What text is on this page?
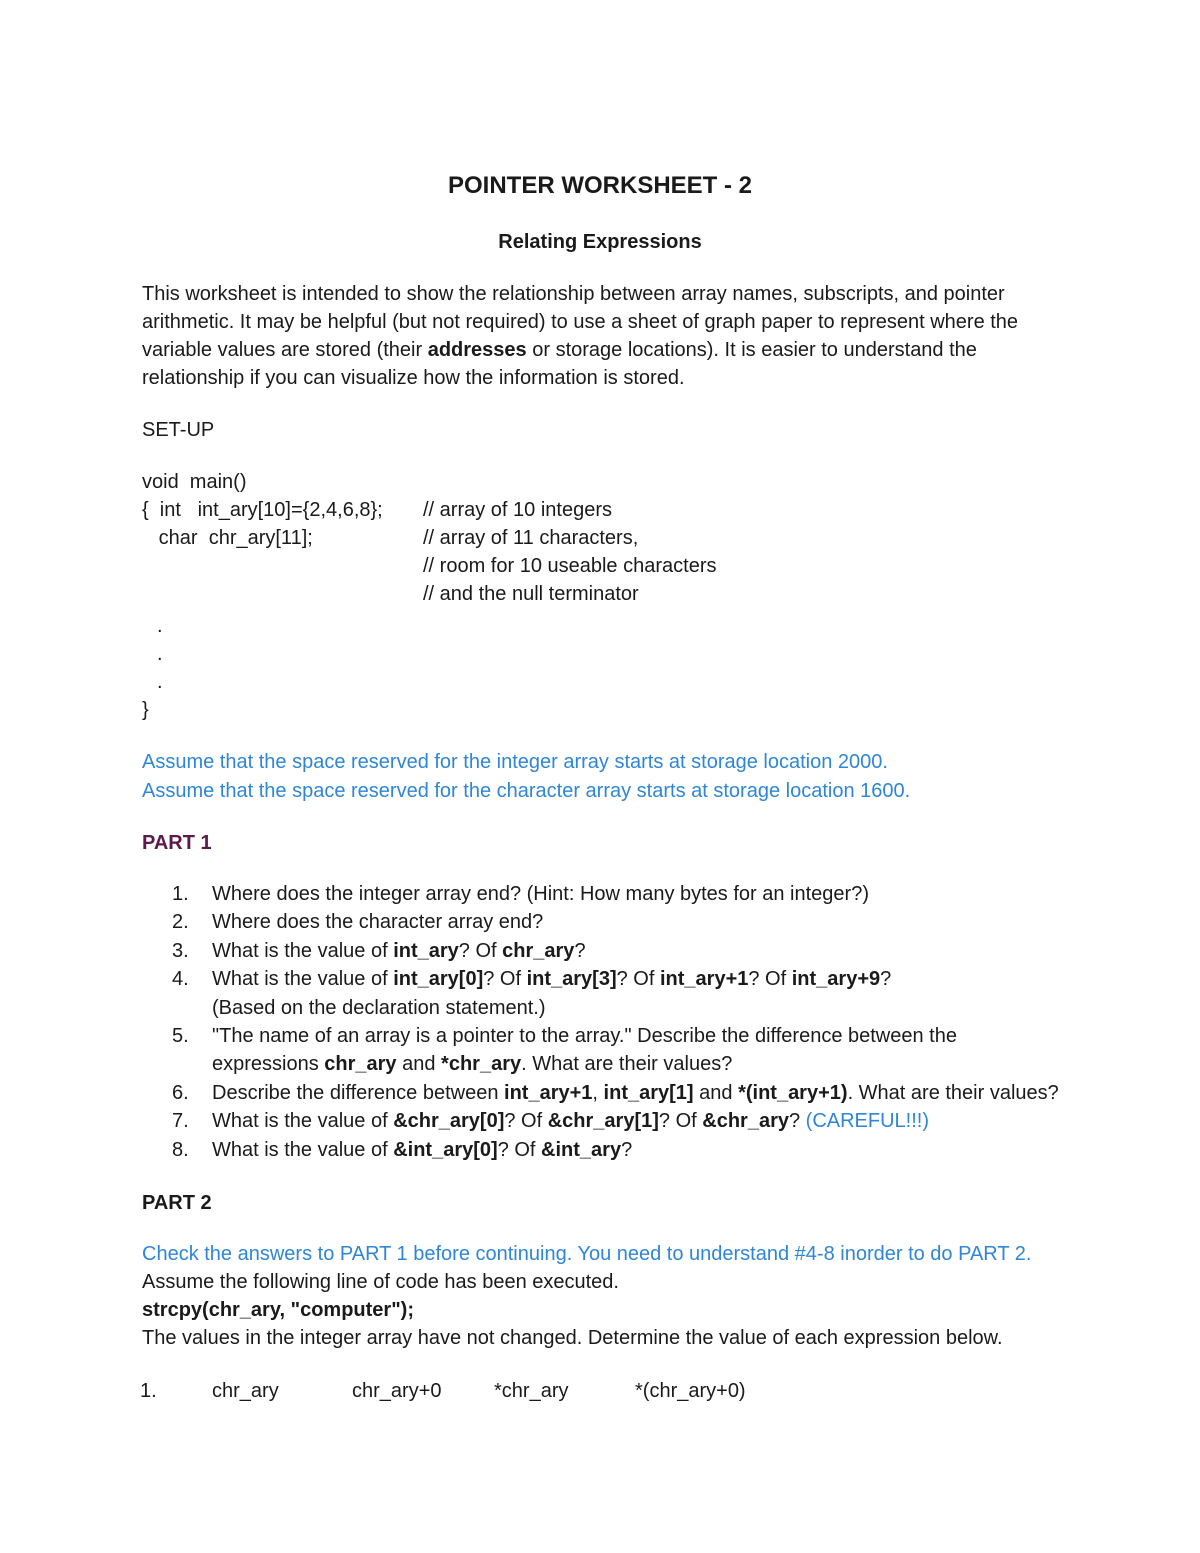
POINTER WORKSHEET - 2
Relating Expressions
This worksheet is intended to show the relationship between array names, subscripts, and pointer
arithmetic. It may be helpful (but not required) to use a sheet of graph paper to represent where the
variable values are stored (their addresses or storage locations). It is easier to understand the
relationship if you can visualize how the information is stored.
SET-UP
void  main()
{  int   int_ary[10]={2,4,6,8}; // array of 10 integers
char  chr_ary[11];	// array of 11 characters,
// room for 10 useable characters
// and the null terminator
.
.
.
}
Assume that the space reserved for the integer array starts at storage location 2000.
Assume that the space reserved for the character array starts at storage location 1600.
PART 1
1. Where does the integer array end? (Hint: How many bytes for an integer?)
2. Where does the character array end?
3. What is the value of int_ary? Of chr_ary?
4. What is the value of int_ary[0]? Of int_ary[3]? Of int_ary+1? Of int_ary+9?
(Based on the declaration statement.)
5. "The name of an array is a pointer to the array." Describe the difference between the
expressions chr_ary and *chr_ary. What are their values?
6. Describe the difference between int_ary+1, int_ary[1] and *(int_ary+1). What are their values?
7. What is the value of &chr_ary[0]? Of &chr_ary[1]? Of &chr_ary? (CAREFUL!!!)
8. What is the value of &int_ary[0]? Of &int_ary?
PART 2
Check the answers to PART 1 before continuing. You need to understand #4-8 inorder to do PART 2.
Assume the following line of code has been executed.
strcpy(chr_ary, "computer");
The values in the integer array have not changed. Determine the value of each expression below.
1.	chr_ary	chr_ary+0	*chr_ary	*(chr_ary+0)
